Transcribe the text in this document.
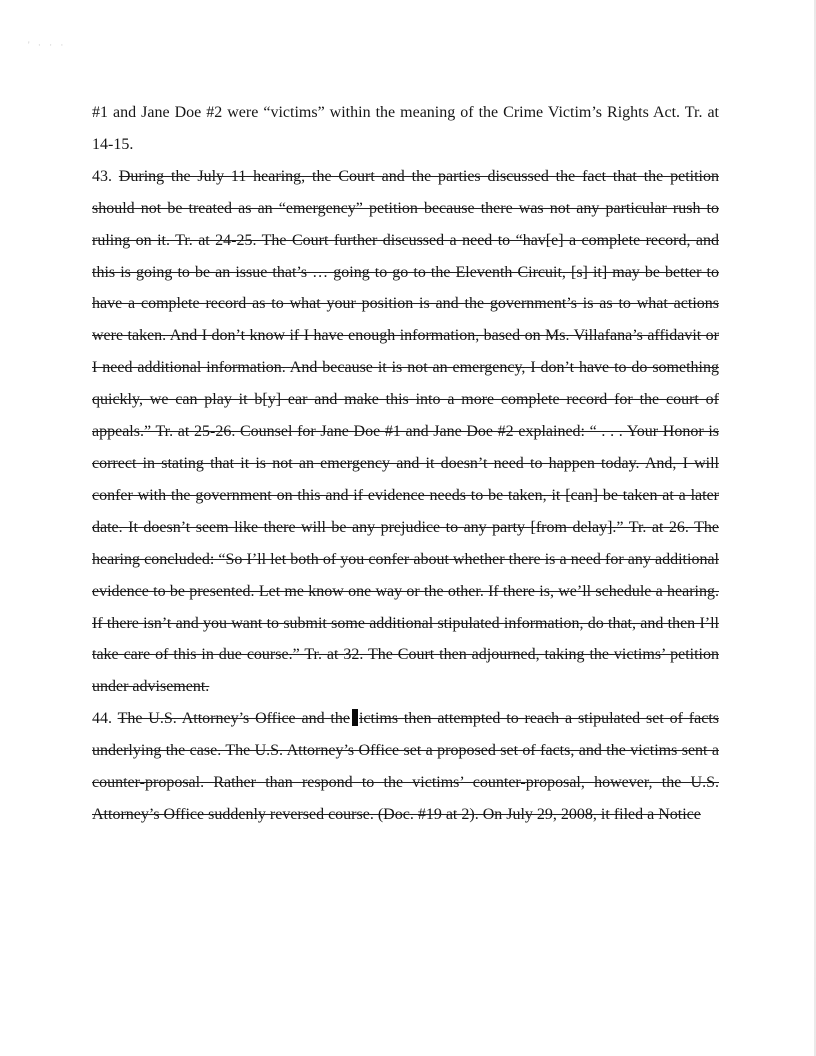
' · · ·

#1 and Jane Doe #2 were “victims” within the meaning of the Crime Victim’s Rights Act. Tr. at 14-15.

43. During the July 11 hearing, the Court and the parties discussed the fact that the petition should not be treated as an “emergency” petition because there was not any particular rush to ruling on it. Tr. at 24-25. The Court further discussed a need to “hav[e] a complete record, and this is going to be an issue that’s … going to go to the Eleventh Circuit, [s] it] may be better to have a complete record as to what your position is and the government’s is as to what actions were taken. And I don’t know if I have enough information, based on Ms. Villafana’s affidavit or I need additional information. And because it is not an emergency, I don’t have to do something quickly, we can play it b[y] ear and make this into a more complete record for the court of appeals.” Tr. at 25-26. Counsel for Jane Doe #1 and Jane Doe #2 explained: “ . . . Your Honor is correct in stating that it is not an emergency and it doesn’t need to happen today. And, I will confer with the government on this and if evidence needs to be taken, it [can] be taken at a later date. It doesn’t seem like there will be any prejudice to any party [from delay].” Tr. at 26. The hearing concluded: “So I’ll let both of you confer about whether there is a need for any additional evidence to be presented. Let me know one way or the other. If there is, we’ll schedule a hearing. If there isn’t and you want to submit some additional stipulated information, do that, and then I’ll take care of this in due course.” Tr. at 32. The Court then adjourned, taking the victims’ petition under advisement.

44. The U.S. Attorney’s Office and the ictims then attempted to reach a stipulated set of facts underlying the case. The U.S. Attorney’s Office set a proposed set of facts, and the victims sent a counter-proposal. Rather than respond to the victims’ counter-proposal, however, the U.S. Attorney’s Office suddenly reversed course. (Doc. #19 at 2). On July 29, 2008, it filed a Notice
